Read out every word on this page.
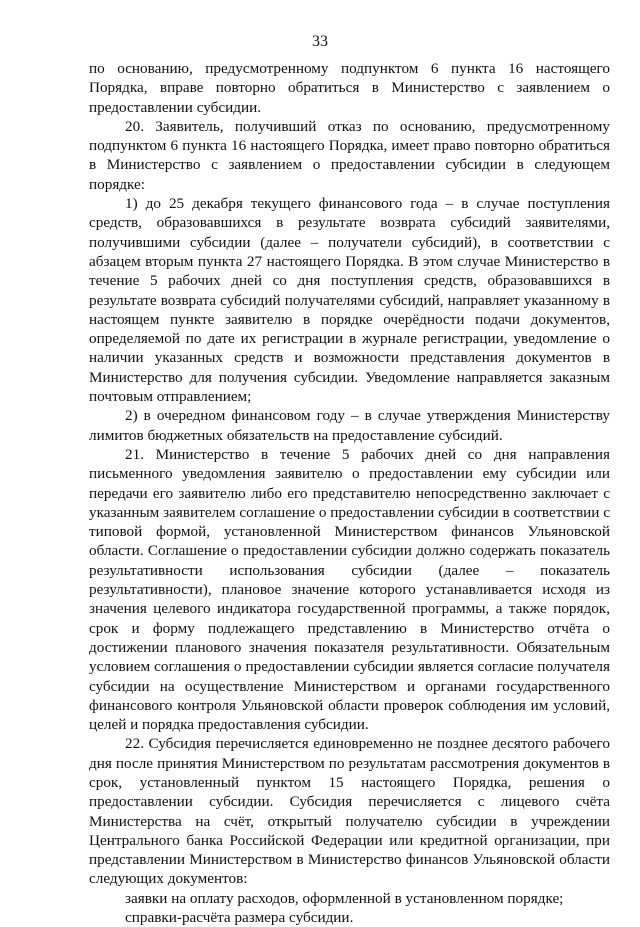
33

по основанию, предусмотренному подпунктом 6 пункта 16 настоящего Порядка, вправе повторно обратиться в Министерство с заявлением о предоставлении субсидии.

20. Заявитель, получивший отказ по основанию, предусмотренному подпунктом 6 пункта 16 настоящего Порядка, имеет право повторно обратиться в Министерство с заявлением о предоставлении субсидии в следующем порядке:

1) до 25 декабря текущего финансового года – в случае поступления средств, образовавшихся в результате возврата субсидий заявителями, получившими субсидии (далее – получатели субсидий), в соответствии с абзацем вторым пункта 27 настоящего Порядка. В этом случае Министерство в течение 5 рабочих дней со дня поступления средств, образовавшихся в результате возврата субсидий получателями субсидий, направляет указанному в настоящем пункте заявителю в порядке очерёдности подачи документов, определяемой по дате их регистрации в журнале регистрации, уведомление о наличии указанных средств и возможности представления документов в Министерство для получения субсидии. Уведомление направляется заказным почтовым отправлением;

2) в очередном финансовом году – в случае утверждения Министерству лимитов бюджетных обязательств на предоставление субсидий.

21. Министерство в течение 5 рабочих дней со дня направления письменного уведомления заявителю о предоставлении ему субсидии или передачи его заявителю либо его представителю непосредственно заключает с указанным заявителем соглашение о предоставлении субсидии в соответствии с типовой формой, установленной Министерством финансов Ульяновской области. Соглашение о предоставлении субсидии должно содержать показатель результативности использования субсидии (далее – показатель результативности), плановое значение которого устанавливается исходя из значения целевого индикатора государственной программы, а также порядок, срок и форму подлежащего представлению в Министерство отчёта о достижении планового значения показателя результативности. Обязательным условием соглашения о предоставлении субсидии является согласие получателя субсидии на осуществление Министерством и органами государственного финансового контроля Ульяновской области проверок соблюдения им условий, целей и порядка предоставления субсидии.

22. Субсидия перечисляется единовременно не позднее десятого рабочего дня после принятия Министерством по результатам рассмотрения документов в срок, установленный пунктом 15 настоящего Порядка, решения о предоставлении субсидии. Субсидия перечисляется с лицевого счёта Министерства на счёт, открытый получателю субсидии в учреждении Центрального банка Российской Федерации или кредитной организации, при представлении Министерством в Министерство финансов Ульяновской области следующих документов:

заявки на оплату расходов, оформленной в установленном порядке;

справки-расчёта размера субсидии.
